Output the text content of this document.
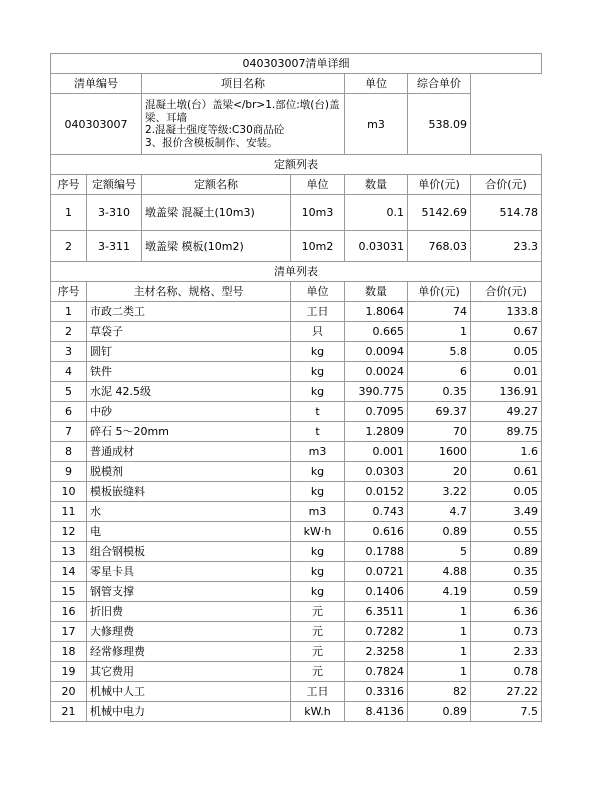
040303007清单详细						
清单编号		项目名称		单位	综合单价	
040303007		混凝土墩(台）盖梁</br>1.部位:墩(台)盖梁、耳墙
2.混凝土强度等级:C30商品砼
3、报价含模板制作、安装。		m3	538.09	
定额列表						
序号	定额编号	定额名称	单位	数量	单价(元)	合价(元)
1	3-310	墩盖梁 混凝土(10m3)	10m3	0.1	5142.69	514.78
2	3-311	墩盖梁 模板(10m2)	10m2	0.03031	768.03	23.3
清单列表						
序号	主材名称、规格、型号		单位	数量	单价(元)	合价(元)
1	市政二类工		工日	1.8064	74	133.8
2	草袋子		只	0.665	1	0.67
3	圆钉		kg	0.0094	5.8	0.05
4	铁件		kg	0.0024	6	0.01
5	水泥 42.5级		kg	390.775	0.35	136.91
6	中砂		t	0.7095	69.37	49.27
7	碎石 5～20mm		t	1.2809	70	89.75
8	普通成材		m3	0.001	1600	1.6
9	脱模剂		kg	0.0303	20	0.61
10	模板嵌缝料		kg	0.0152	3.22	0.05
11	水		m3	0.743	4.7	3.49
12	电		kW·h	0.616	0.89	0.55
13	组合钢模板		kg	0.1788	5	0.89
14	零星卡具		kg	0.0721	4.88	0.35
15	钢管支撑		kg	0.1406	4.19	0.59
16	折旧费		元	6.3511	1	6.36
17	大修理费		元	0.7282	1	0.73
18	经常修理费		元	2.3258	1	2.33
19	其它费用		元	0.7824	1	0.78
20	机械中人工		工日	0.3316	82	27.22
21	机械中电力		kW.h	8.4136	0.89	7.5
